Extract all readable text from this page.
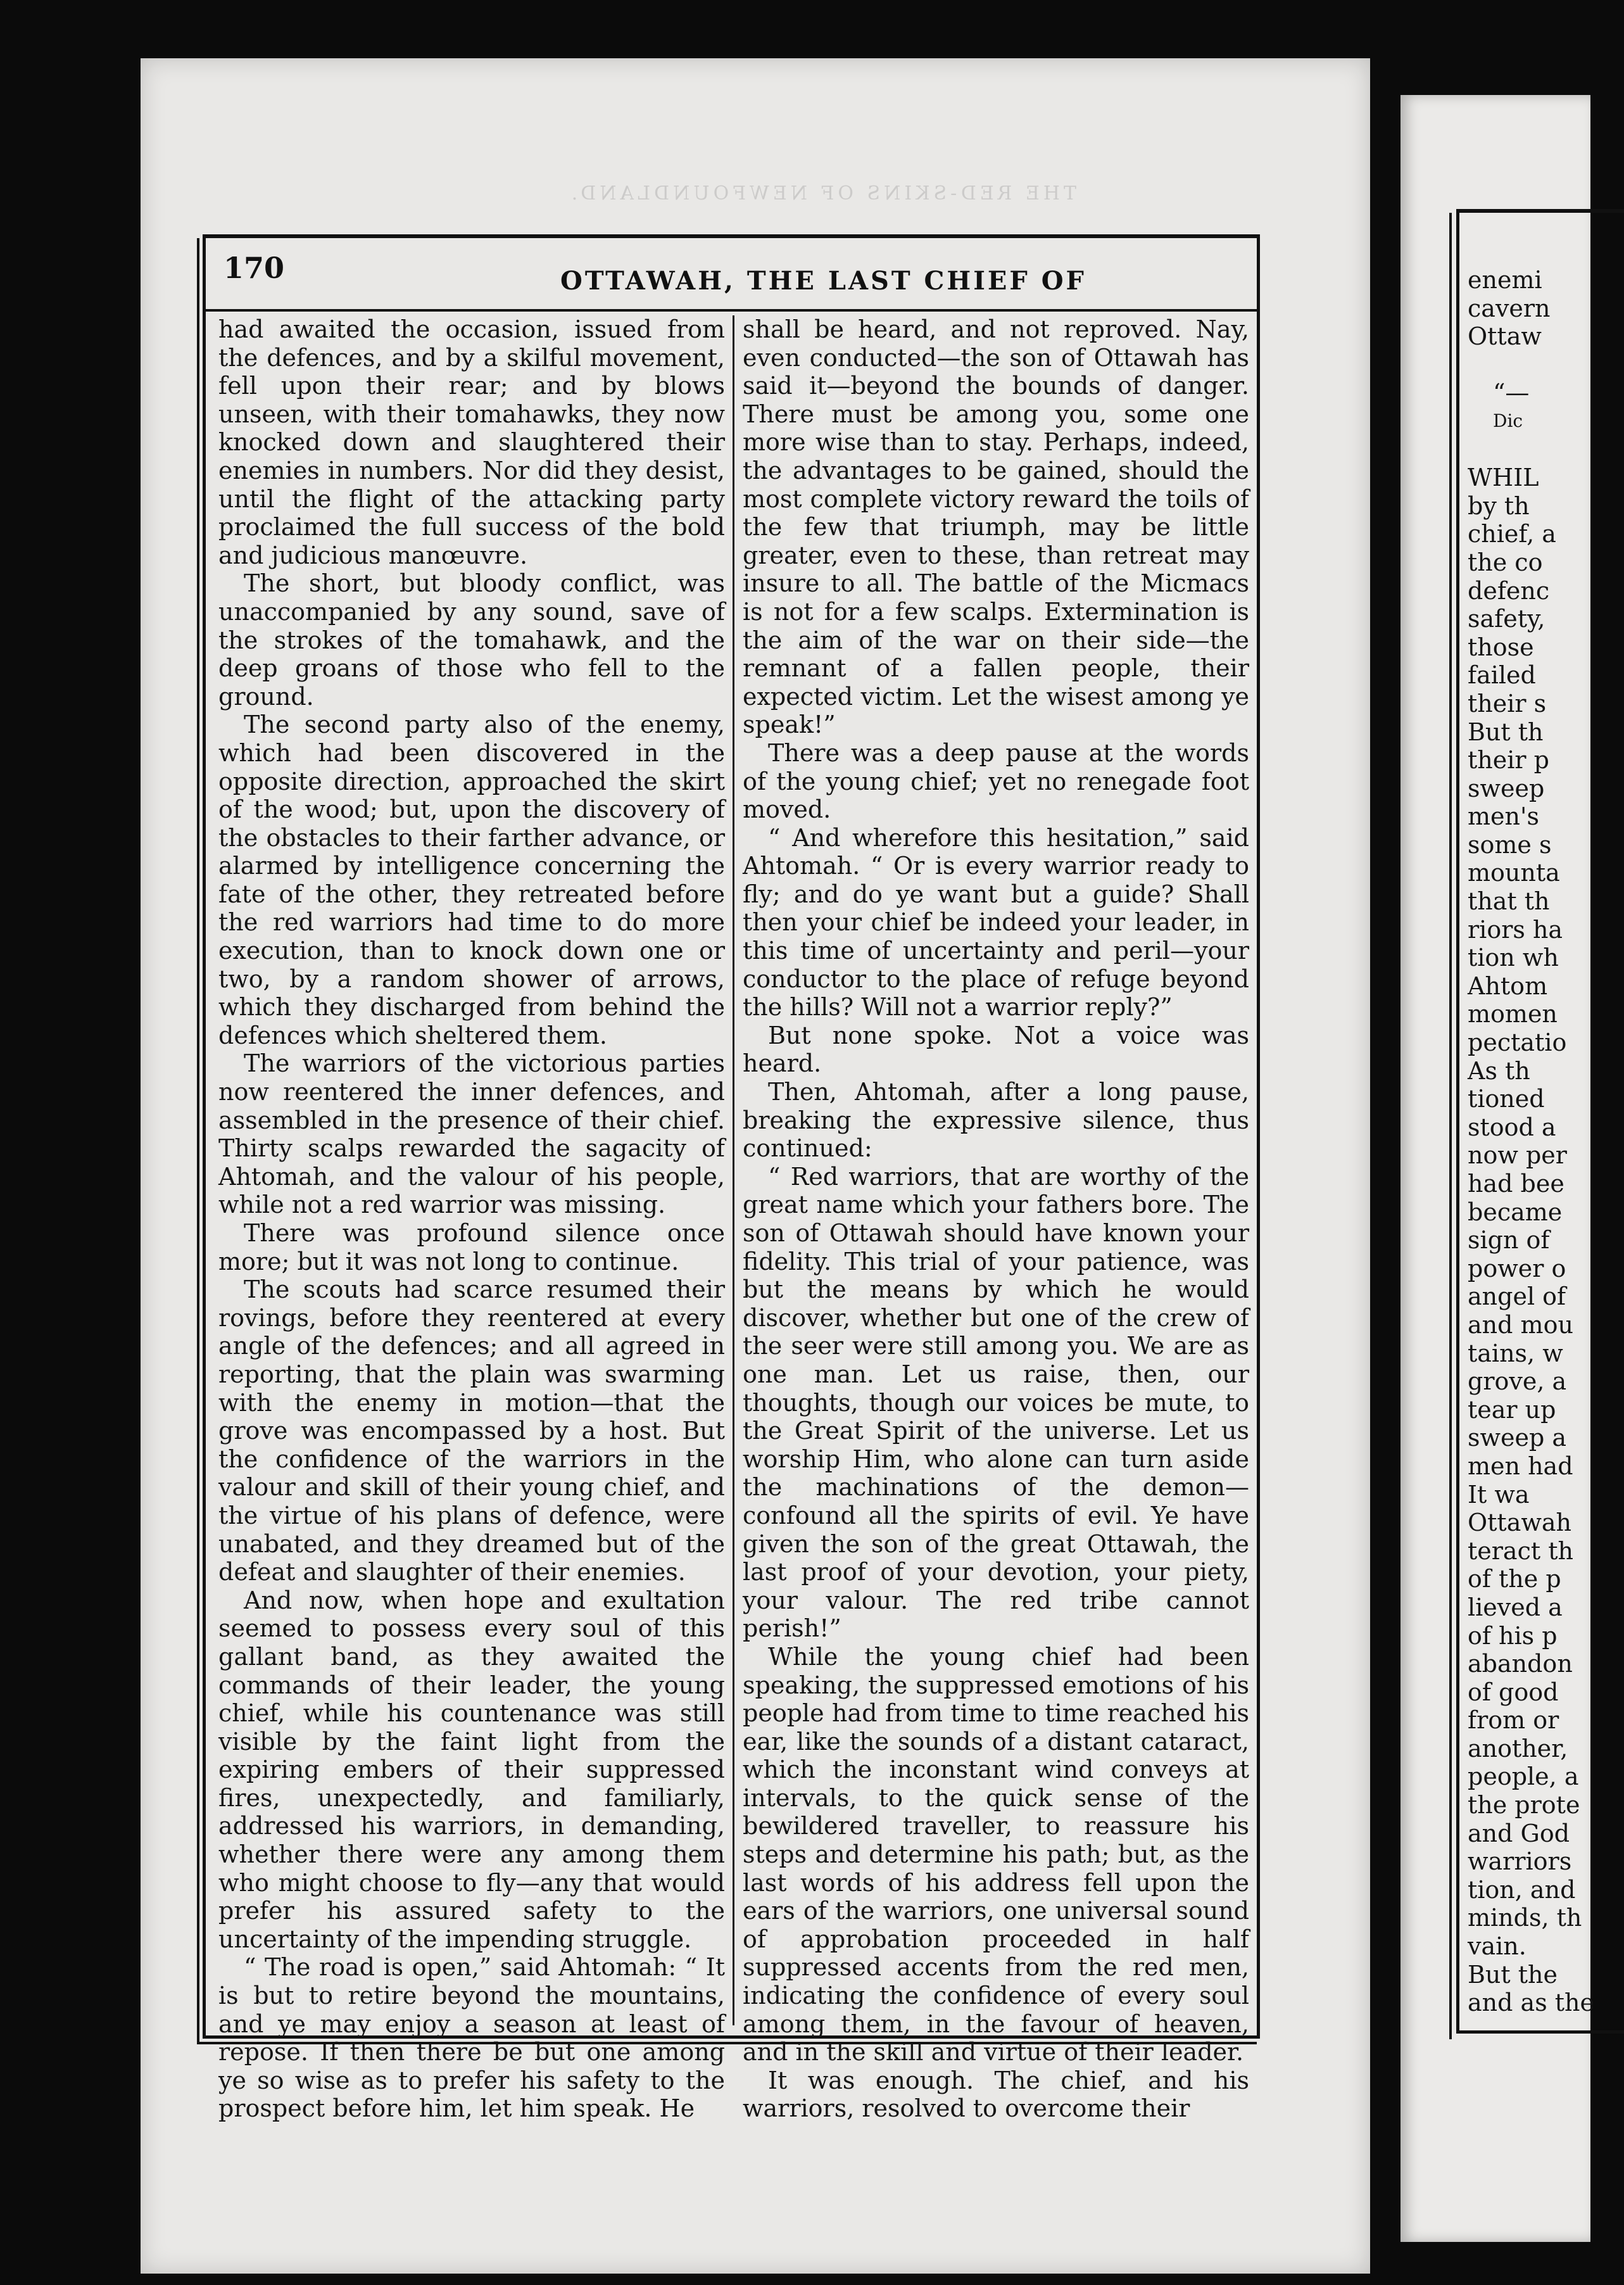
THE RED-SKINS OF NEWFOUNDLAND.
170	OTTAWAH, THE LAST CHIEF OF

had awaited the occasion, issued from the defences, and by a skilful movement, fell upon their rear; and by blows unseen, with their tomahawks, they now knocked down and slaughtered their enemies in numbers. Nor did they desist, until the flight of the attacking party proclaimed the full success of the bold and judicious manœuvre.

The short, but bloody conflict, was unaccompanied by any sound, save of the strokes of the tomahawk, and the deep groans of those who fell to the ground.

The second party also of the enemy, which had been discovered in the opposite direction, approached the skirt of the wood; but, upon the discovery of the obstacles to their farther advance, or alarmed by intelligence concerning the fate of the other, they retreated before the red warriors had time to do more execution, than to knock down one or two, by a random shower of arrows, which they discharged from behind the defences which sheltered them.

The warriors of the victorious parties now reentered the inner defences, and assembled in the presence of their chief. Thirty scalps rewarded the sagacity of Ahtomah, and the valour of his people, while not a red warrior was missing.

There was profound silence once more; but it was not long to continue.

The scouts had scarce resumed their rovings, before they reentered at every angle of the defences; and all agreed in reporting, that the plain was swarming with the enemy in motion—that the grove was encompassed by a host. But the confidence of the warriors in the valour and skill of their young chief, and the virtue of his plans of defence, were unabated, and they dreamed but of the defeat and slaughter of their enemies.

And now, when hope and exultation seemed to possess every soul of this gallant band, as they awaited the commands of their leader, the young chief, while his countenance was still visible by the faint light from the expiring embers of their suppressed fires, unexpectedly, and familiarly, addressed his warriors, in demanding, whether there were any among them who might choose to fly—any that would prefer his assured safety to the uncertainty of the impending struggle.

“ The road is open,” said Ahtomah: “ It is but to retire beyond the mountains, and ye may enjoy a season at least of repose. If then there be but one among ye so wise as to prefer his safety to the prospect before him, let him speak. He

shall be heard, and not reproved. Nay, even conducted—the son of Ottawah has said it—beyond the bounds of danger. There must be among you, some one more wise than to stay. Perhaps, indeed, the advantages to be gained, should the most complete victory reward the toils of the few that triumph, may be little greater, even to these, than retreat may insure to all. The battle of the Micmacs is not for a few scalps. Extermination is the aim of the war on their side—the remnant of a fallen people, their expected victim. Let the wisest among ye speak!”

There was a deep pause at the words of the young chief; yet no renegade foot moved.

“ And wherefore this hesitation,” said Ahtomah. “ Or is every warrior ready to fly; and do ye want but a guide? Shall then your chief be indeed your leader, in this time of uncertainty and peril—your conductor to the place of refuge beyond the hills? Will not a warrior reply?”

But none spoke. Not a voice was heard.

Then, Ahtomah, after a long pause, breaking the expressive silence, thus continued:

“ Red warriors, that are worthy of the great name which your fathers bore. The son of Ottawah should have known your fidelity. This trial of your patience, was but the means by which he would discover, whether but one of the crew of the seer were still among you. We are as one man. Let us raise, then, our thoughts, though our voices be mute, to the Great Spirit of the universe. Let us worship Him, who alone can turn aside the machinations of the demon—confound all the spirits of evil. Ye have given the son of the great Ottawah, the last proof of your devotion, your piety, your valour. The red tribe cannot perish!”

While the young chief had been speaking, the suppressed emotions of his people had from time to time reached his ear, like the sounds of a distant cataract, which the inconstant wind conveys at intervals, to the quick sense of the bewildered traveller, to reassure his steps and determine his path; but, as the last words of his address fell upon the ears of the warriors, one universal sound of approbation proceeded in half suppressed accents from the red men, indicating the confidence of every soul among them, in the favour of heaven, and in the skill and virtue of their leader.

It was enough. The chief, and his warriors, resolved to overcome their

enemi
cavern
Ottaw
“—
Dic
WHIL
by th
chief, a
the co
defenc
safety,
those
failed
their s
But th
their p
sweep
men's
some s
mounta
that th
riors ha
tion wh
Ahtom
momen
pectatio
As th
tioned
stood a
now per
had bee
became
sign of
power o
angel of
and mou
tains, w
grove, a
tear up
sweep a
men had
It wa
Ottawah
teract th
of the p
lieved a
of his p
abandon
of good
from or
another,
people, a
the prote
and God
warriors
tion, and
minds, th
vain.
But the
and as the
